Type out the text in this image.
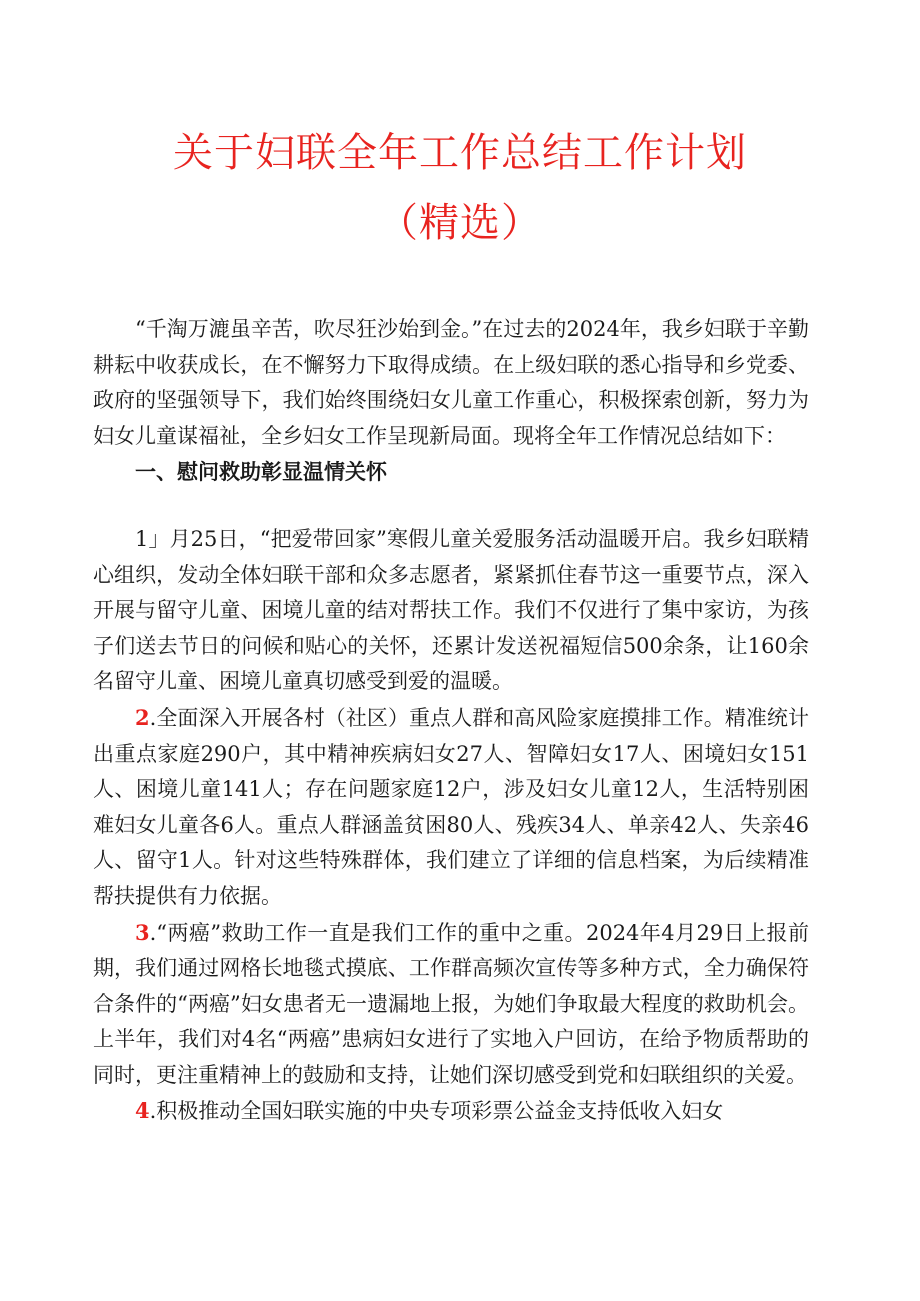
关于妇联全年工作总结工作计划
（精选）

“千淘万漉虽辛苦，吹尽狂沙始到金。”在过去的2024年，我乡妇联于辛勤耕耘中收获成长，在不懈努力下取得成绩。在上级妇联的悉心指导和乡党委、政府的坚强领导下，我们始终围绕妇女儿童工作重心，积极探索创新，努力为妇女儿童谋福祉，全乡妇女工作呈现新局面。现将全年工作情况总结如下：

一、慰问救助彰显温情关怀

1」月25日，“把爱带回家”寒假儿童关爱服务活动温暖开启。我乡妇联精心组织，发动全体妇联干部和众多志愿者，紧紧抓住春节这一重要节点，深入开展与留守儿童、困境儿童的结对帮扶工作。我们不仅进行了集中家访，为孩子们送去节日的问候和贴心的关怀，还累计发送祝福短信500余条，让160余名留守儿童、困境儿童真切感受到爱的温暖。

2.全面深入开展各村（社区）重点人群和高风险家庭摸排工作。精准统计出重点家庭290户，其中精神疾病妇女27人、智障妇女17人、困境妇女151人、困境儿童141人；存在问题家庭12户，涉及妇女儿童12人，生活特别困难妇女儿童各6人。重点人群涵盖贫困80人、残疾34人、单亲42人、失亲46人、留守1人。针对这些特殊群体，我们建立了详细的信息档案，为后续精准帮扶提供有力依据。

3.“两癌”救助工作一直是我们工作的重中之重。2024年4月29日上报前期，我们通过网格长地毯式摸底、工作群高频次宣传等多种方式，全力确保符合条件的“两癌”妇女患者无一遗漏地上报，为她们争取最大程度的救助机会。上半年，我们对4名“两癌”患病妇女进行了实地入户回访，在给予物质帮助的同时，更注重精神上的鼓励和支持，让她们深切感受到党和妇联组织的关爱。

4.积极推动全国妇联实施的中央专项彩票公益金支持低收入妇女
